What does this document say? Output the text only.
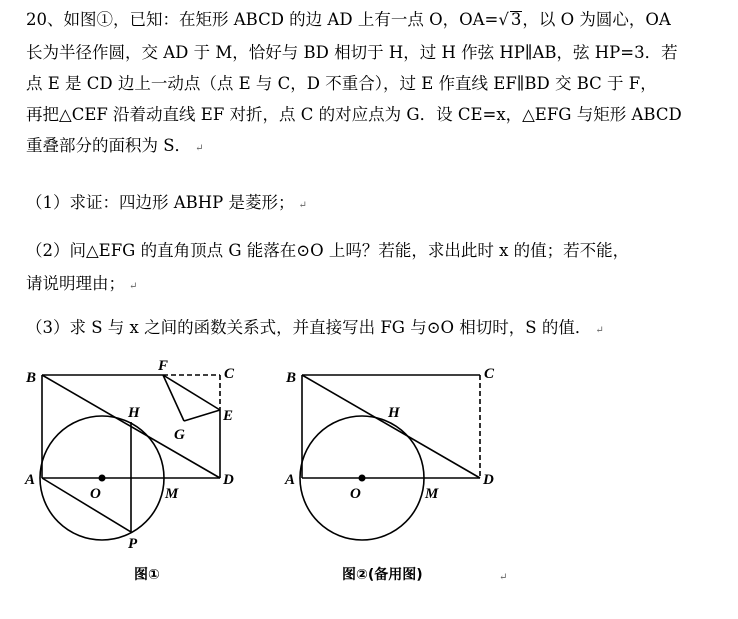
20、如图①，已知：在矩形 ABCD 的边 AD 上有一点 O，OA=√ 3，以 O 为圆心，OA
长为半径作圆，交 AD 于 M，恰好与 BD 相切于 H，过 H 作弦 HP∥AB，弦 HP=3．若
点 E 是 CD 边上一动点（点 E 与 C，D 不重合），过 E 作直线 EF∥BD 交 BC 于 F，
再把△CEF 沿着动直线 EF 对折，点 C 的对应点为 G．设 CE=x，△EFG 与矩形 ABCD
重叠部分的面积为 S． ↵
（1）求证：四边形 ABHP 是菱形； ↵
（2）问△EFG 的直角顶点 G 能落在⊙O 上吗？若能，求出此时 x 的值；若不能，
请说明理由； ↵
（3）求 S 与 x 之间的函数关系式，并直接写出 FG 与⊙O 相切时，S 的值． ↵
B
F	C
H	E
G
A
O	M
D
P
图①
B	C
H
A
O	M
D
图②(备用图)	↵
